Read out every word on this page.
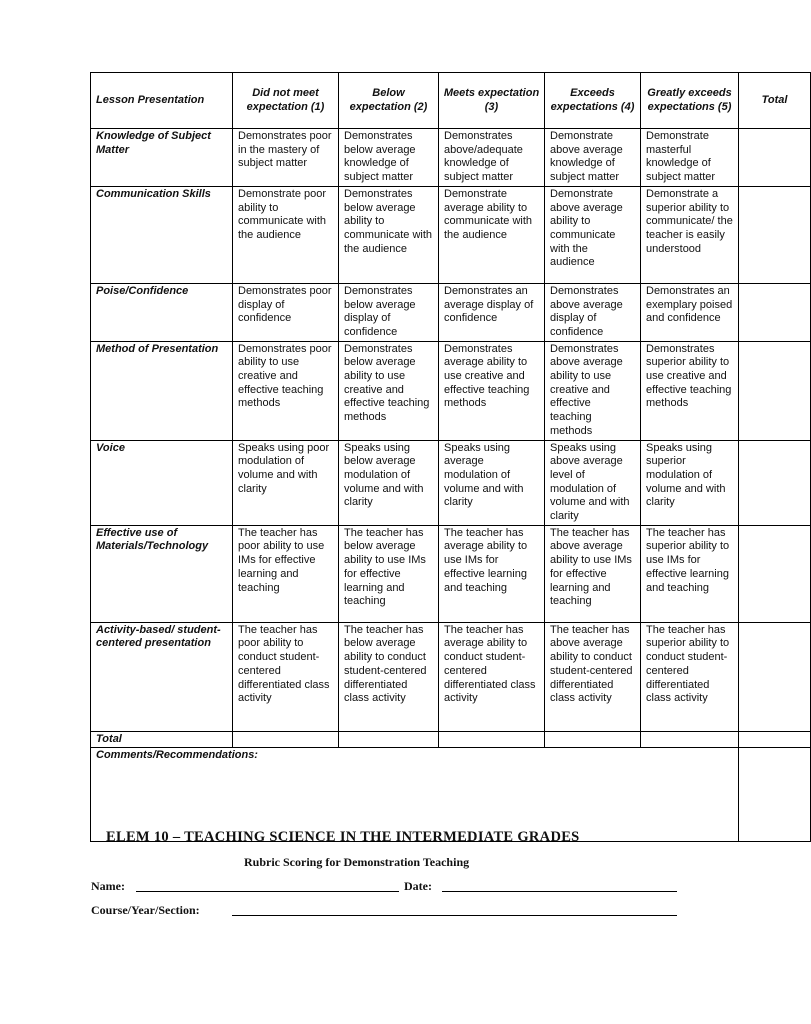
Lesson Presentation	Did not meet expectation (1)	Below expectation (2)	Meets expectation (3)	Exceeds expectations (4)	Greatly exceeds expectations (5)	Total
Knowledge of Subject Matter	Demonstrates poor in the mastery of subject matter	Demonstrates below average knowledge of subject matter	Demonstrates above/adequate knowledge of subject matter	Demonstrate above average knowledge of subject matter	Demonstrate masterful knowledge of subject matter	
Communication Skills	Demonstrate poor ability to communicate with the audience	Demonstrates below average ability to communicate with the audience	Demonstrate average ability to communicate with the audience	Demonstrate above average ability to communicate with the audience	Demonstrate a superior ability to communicate/ the teacher is easily understood	
Poise/Confidence	Demonstrates poor display of confidence	Demonstrates below average display of confidence	Demonstrates an average display of confidence	Demonstrates above average display of confidence	Demonstrates an exemplary poised and confidence	
Method of Presentation	Demonstrates poor ability to use creative and effective teaching methods	Demonstrates below average ability to use creative and effective teaching methods	Demonstrates average ability to use creative and effective teaching methods	Demonstrates above average ability to use creative and effective teaching methods	Demonstrates superior ability to use creative and effective teaching methods	
Voice	Speaks using poor modulation of volume and with clarity	Speaks using below average modulation of volume and with clarity	Speaks using average modulation of volume and with clarity	Speaks using above average level of modulation of volume and with clarity	Speaks using superior modulation of volume and with clarity	
Effective use of Materials/Technology	The teacher has poor ability to use IMs for effective learning and teaching	The teacher has below average ability to use IMs for effective learning and teaching	The teacher has average ability to use IMs for effective learning and teaching	The teacher has above average ability to use IMs for effective learning and teaching	The teacher has superior ability to use IMs for effective learning and teaching	
Activity-based/ student-centered presentation	The teacher has poor ability to conduct student-centered differentiated class activity	The teacher has below average ability to conduct student-centered differentiated class activity	The teacher has average ability to conduct student-centered differentiated class activity	The teacher has above average ability to conduct student-centered differentiated class activity	The teacher has superior ability to conduct student-centered differentiated class activity	
Total						
Comments/Recommendations:						
ELEM 10 – TEACHING SCIENCE IN THE INTERMEDIATE GRADES
Rubric Scoring for Demonstration Teaching
Name:	Date:
Course/Year/Section:
